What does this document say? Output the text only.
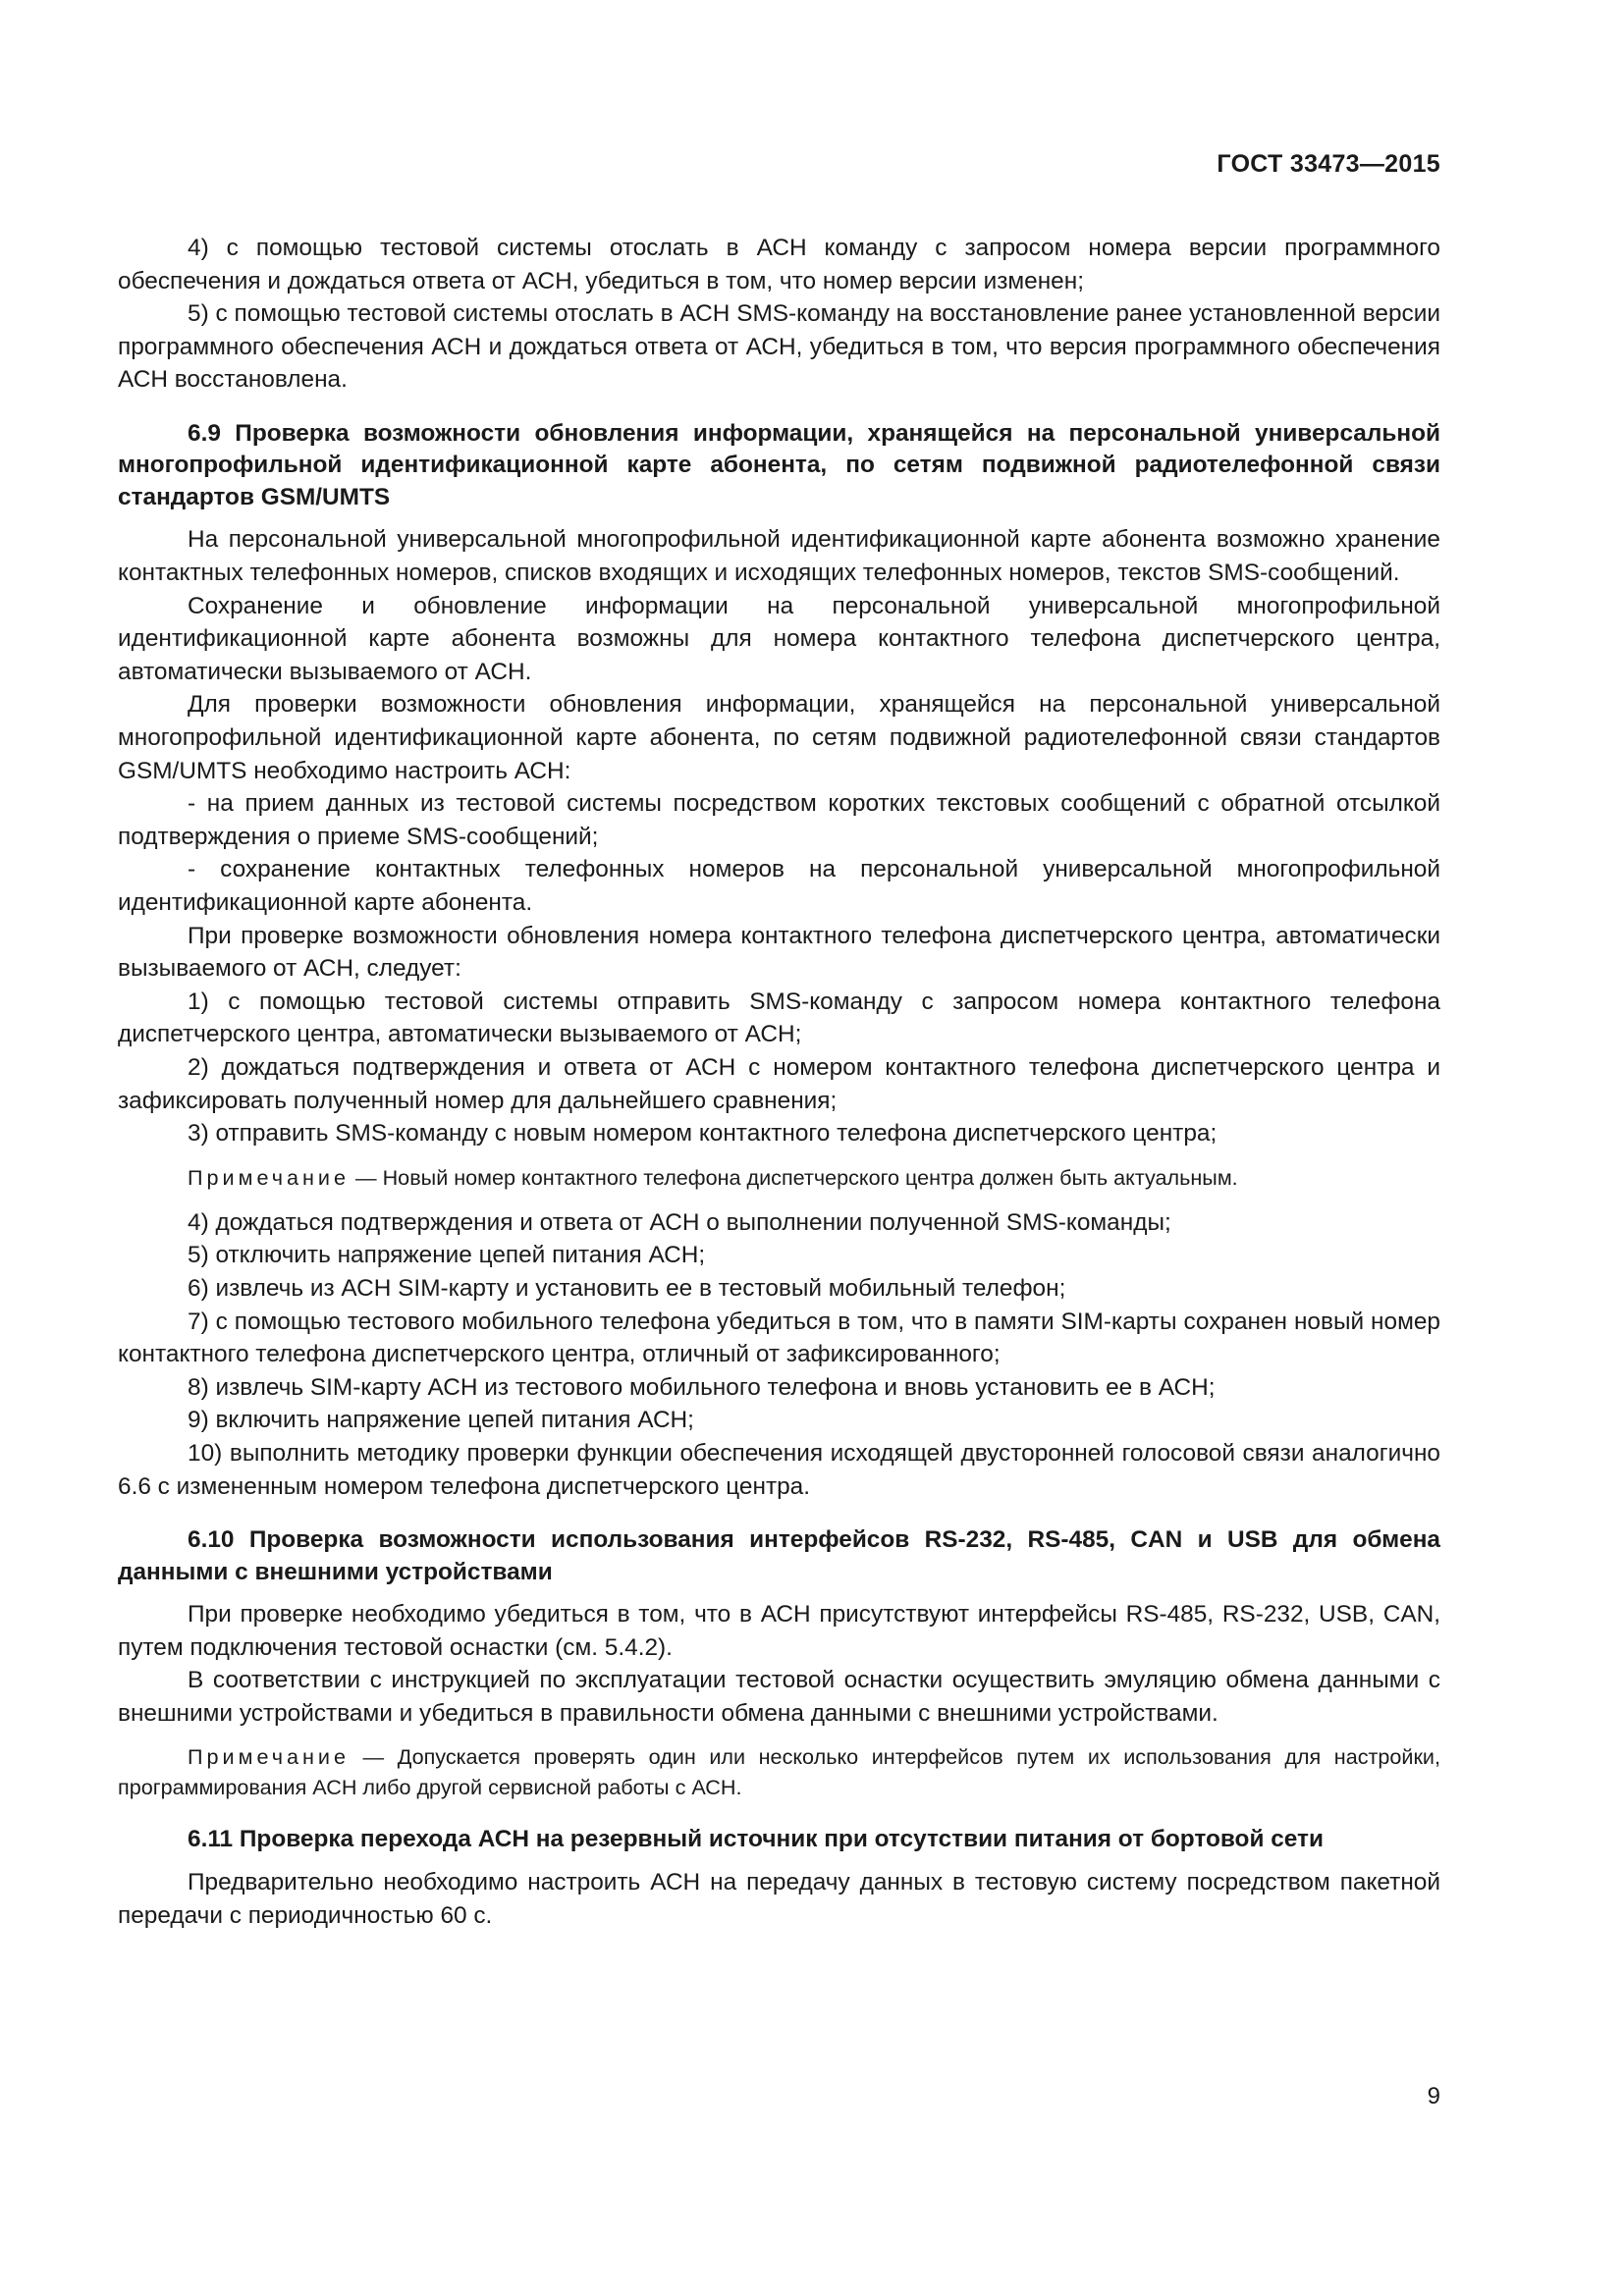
ГОСТ 33473—2015

4) с помощью тестовой системы отослать в АСН команду с запросом номера версии программного обеспечения и дождаться ответа от АСН, убедиться в том, что номер версии изменен;

5) с помощью тестовой системы отослать в АСН SMS-команду на восстановление ранее установленной версии программного обеспечения АСН и дождаться ответа от АСН, убедиться в том, что версия программного обеспечения АСН восстановлена.

6.9 Проверка возможности обновления информации, хранящейся на персональной универсальной многопрофильной идентификационной карте абонента, по сетям подвижной радиотелефонной связи стандартов GSM/UMTS

На персональной универсальной многопрофильной идентификационной карте абонента возможно хранение контактных телефонных номеров, списков входящих и исходящих телефонных номеров, текстов SMS-сообщений.

Сохранение и обновление информации на персональной универсальной многопрофильной идентификационной карте абонента возможны для номера контактного телефона диспетчерского центра, автоматически вызываемого от АСН.

Для проверки возможности обновления информации, хранящейся на персональной универсальной многопрофильной идентификационной карте абонента, по сетям подвижной радиотелефонной связи стандартов GSM/UMTS необходимо настроить АСН:

- на прием данных из тестовой системы посредством коротких текстовых сообщений с обратной отсылкой подтверждения о приеме SMS-сообщений;

- сохранение контактных телефонных номеров на персональной универсальной многопрофильной идентификационной карте абонента.

При проверке возможности обновления номера контактного телефона диспетчерского центра, автоматически вызываемого от АСН, следует:

1) с помощью тестовой системы отправить SMS-команду с запросом номера контактного телефона диспетчерского центра, автоматически вызываемого от АСН;

2) дождаться подтверждения и ответа от АСН с номером контактного телефона диспетчерского центра и зафиксировать полученный номер для дальнейшего сравнения;

3) отправить SMS-команду с новым номером контактного телефона диспетчерского центра;

Примечание — Новый номер контактного телефона диспетчерского центра должен быть актуальным.

4) дождаться подтверждения и ответа от АСН о выполнении полученной SMS-команды;

5) отключить напряжение цепей питания АСН;

6) извлечь из АСН SIM-карту и установить ее в тестовый мобильный телефон;

7) с помощью тестового мобильного телефона убедиться в том, что в памяти SIM-карты сохранен новый номер контактного телефона диспетчерского центра, отличный от зафиксированного;

8) извлечь SIM-карту АСН из тестового мобильного телефона и вновь установить ее в АСН;

9) включить напряжение цепей питания АСН;

10) выполнить методику проверки функции обеспечения исходящей двусторонней голосовой связи аналогично 6.6 с измененным номером телефона диспетчерского центра.

6.10 Проверка возможности использования интерфейсов RS-232, RS-485, CAN и USB для обмена данными с внешними устройствами

При проверке необходимо убедиться в том, что в АСН присутствуют интерфейсы RS-485, RS-232, USB, CAN, путем подключения тестовой оснастки (см. 5.4.2).

В соответствии с инструкцией по эксплуатации тестовой оснастки осуществить эмуляцию обмена данными с внешними устройствами и убедиться в правильности обмена данными с внешними устройствами.

Примечание — Допускается проверять один или несколько интерфейсов путем их использования для настройки, программирования АСН либо другой сервисной работы с АСН.

6.11 Проверка перехода АСН на резервный источник при отсутствии питания от бортовой сети

Предварительно необходимо настроить АСН на передачу данных в тестовую систему посредством пакетной передачи с периодичностью 60 с.

9
